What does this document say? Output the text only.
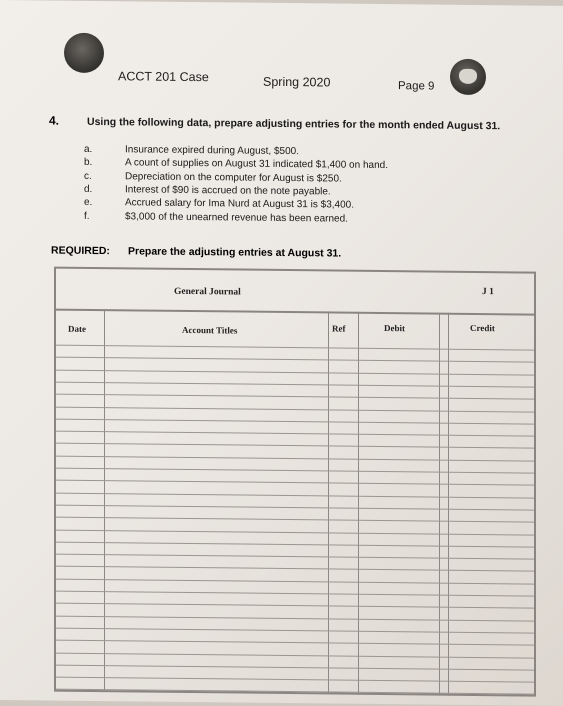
ACCT 201 Case	Spring 2020	Page 9
4.	Using the following data, prepare adjusting entries for the month ended August 31.
a.	Insurance expired during August, $500.
b.	A count of supplies on August 31 indicated $1,400 on hand.
c.	Depreciation on the computer for August is $250.
d.	Interest of $90 is accrued on the note payable.
e.	Accrued salary for Ima Nurd at August 31 is $3,400.
f.	$3,000 of the unearned revenue has been earned.
REQUIRED: Prepare the adjusting entries at August 31.
General Journal	J 1
Date	Account Titles	Ref	Debit	Credit
